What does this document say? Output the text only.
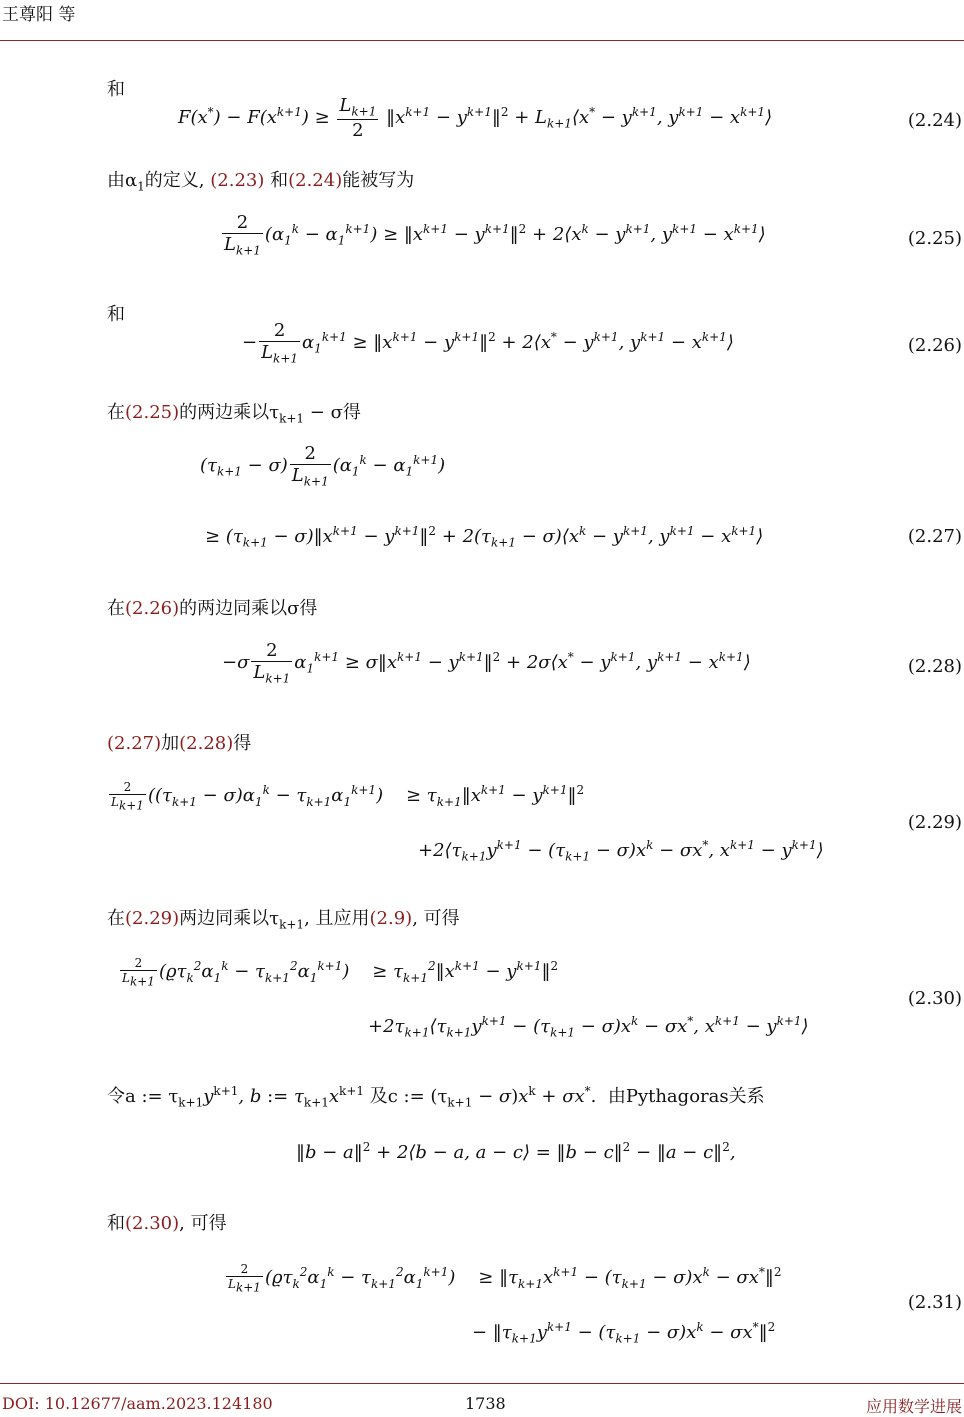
王尊阳 等
和
$F(x^*) - F(x^{k+1}) \ge \frac{L_{k+1}}{2}$ $‖x^{k+1}$ − $y^{k+1}‖^2$ + $L_{k+1}⟨x^* - y^{k+1}$, $y^{k+1}$ − $x^{k+1}⟩$	(2.24)
由$\alpha_1$的定义, (2.23) 和(2.24)能被写为
$\frac{2}{L_{k+1}} (\alpha_1^k - \alpha_1^{k+1})$ ≥ $‖x^{k+1}$ − $y^{k+1}‖^2$ + $2⟨x^k - y^{k+1}$, $y^{k+1}$ − $x^{k+1}⟩$	(2.25)
和
− $\frac{2}{L_{k+1}} \alpha_1^{k+1}$ ≥ $‖x^{k+1}$ − $y^{k+1}‖^2$ + 2⟨x* − $y^{k+1}$, $y^{k+1}$ − $x^{k+1}⟩$	(2.26)
在(2.25)的两边乘以$\tau_{k+1} - \sigma$得
$(\tau_{k+1} - \sigma) \frac{2}{L_{k+1}} (\alpha_1^k - \alpha_1^{k+1})$
≥ ($\tau_{k+1}$ − $\sigma)‖x^{k+1}$ − $y^{k+1}‖^2 + 2(\tau_{k+1}$ − $\sigma)⟨x^k - y^{k+1}$, $y^{k+1}$ − $x^{k+1}⟩$	(2.27)
在(2.26)的两边同乘以σ得
$-\sigma \frac{2}{L_{k+1}} \alpha_1^{k+1}$ ≥ $\sigma‖x^{k+1}$ − $y^{k+1}‖^2$ + 2σ⟨x* − $y^{k+1}$, $y^{k+1}$ − $x^{k+1}⟩$	(2.28)
(2.27)加(2.28)得
$\frac{2}{L_{k+1}} ((\tau_{k+1} - \sigma)\alpha_1^k - \tau_{k+1}\alpha_1^{k+1})$    ≥ $\tau_{k+1}‖x^{k+1}$ − $y^{k+1}‖^2$
$+2⟨\tau_{k+1}y^{k+1} - (\tau_{k+1} - \sigma)x^k - \sigma x^*$, $x^{k+1}$ − $y^{k+1}⟩$
(2.29)
在(2.29)两边同乘以$\tau_{k+1}$, 且应用(2.9), 可得
$\frac{2}{L_{k+1}} (ϱ\tau_k^2\alpha_1^k - \tau_{k+1}^2\alpha_1^{k+1})$    ≥ $\tau_{k+1}^2‖x^{k+1}$ − $y^{k+1}‖^2$
$+2\tau_{k+1}⟨\tau_{k+1}y^{k+1} - (\tau_{k+1} - \sigma)x^k - \sigma x^*$, $x^{k+1}$ − $y^{k+1}⟩$
(2.30)
令a := $\tau_{k+1}y^{k+1}$, b := $\tau_{k+1}x^{k+1}$ 及c := $(\tau_{k+1} - \sigma)x^k + \sigma x^*$.  由Pythagoras关系
‖b − a‖$^2$ + 2⟨b − a, a − c⟩ = ‖b − c‖$^2$ − ‖a − c‖$^2$,
和(2.30), 可得
$\frac{2}{L_{k+1}} (ϱ\tau_k^2\alpha_1^k - \tau_{k+1}^2\alpha_1^{k+1})$    ≥ $‖\tau_{k+1}x^{k+1} - (\tau_{k+1} - \sigma)x^k$ − σx*‖$^2$
− $‖\tau_{k+1}y^{k+1} - (\tau_{k+1} - \sigma)x^k$ − σx*‖$^2$
(2.31)
DOI: 10.12677/aam.2023.124180	1738	应用数学进展
